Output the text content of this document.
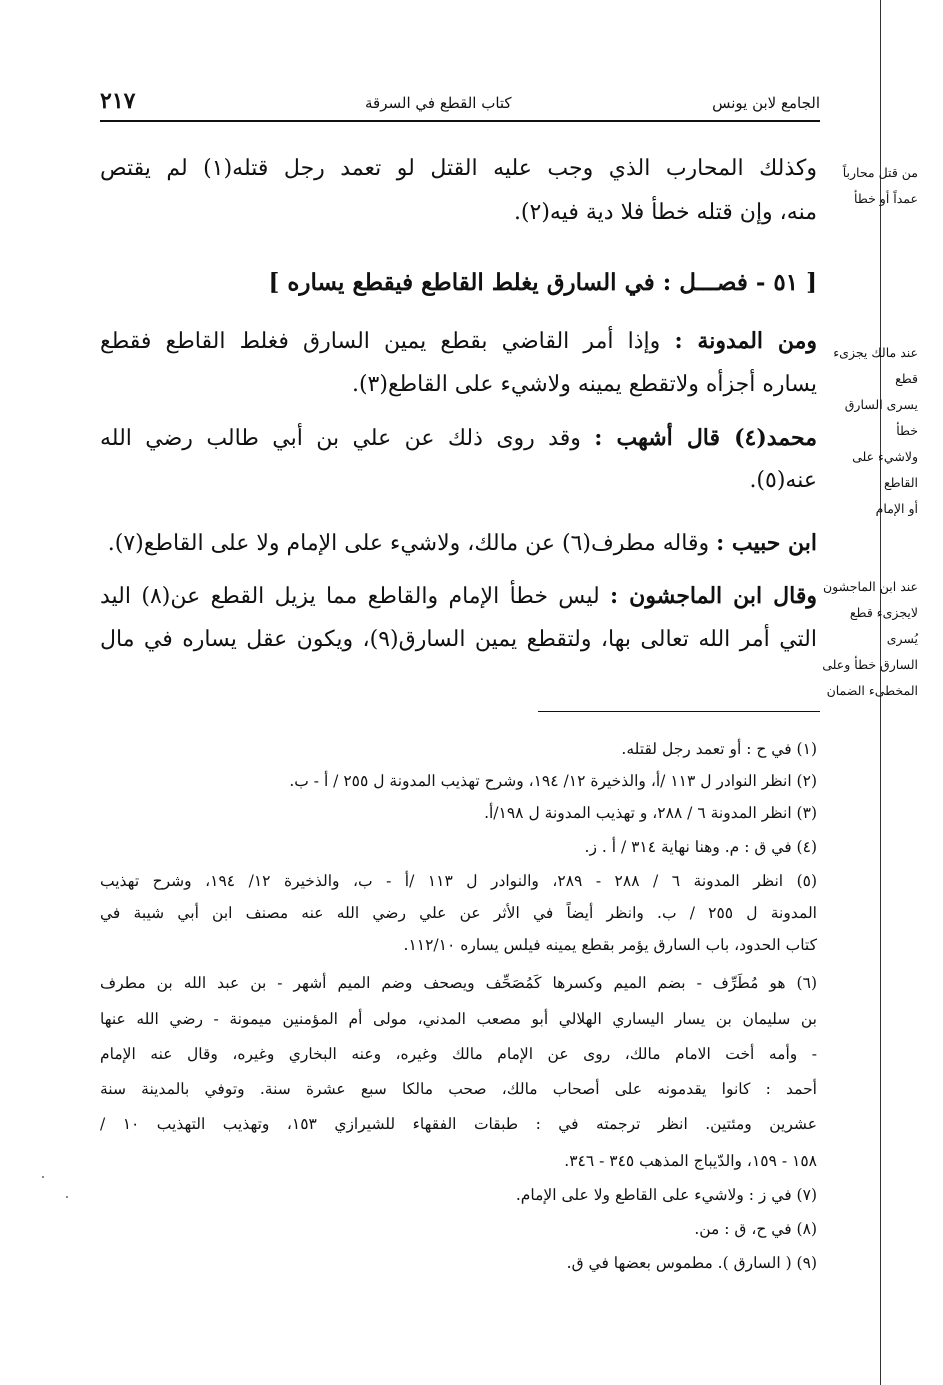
الجامع لابن يونس
كتاب القطع في السرقة
٢١٧
من قتل محارباً
عمداً أو خطأ
عند مالك يجزىء قطع
يسرى السارق خطأ
ولاشيء على القاطع
أو الإمام
عند ابن الماجشون
لايجزىء قطع يُسرى
السارق خطأ وعلى
المخطىء الضمان
وكذلك المحارب الذي وجب عليه القتل لو تعمد رجل قتله(١) لم يقتص
منه، وإن قتله خطأ فلا دية فيه(٢).
[ ٥١ - فصـــل : في السارق يغلط القاطع فيقطع يساره ]
ومن المدونة : وإذا أمر القاضي بقطع يمين السارق فغلط القاطع فقطع
يساره أجزأه ولاتقطع يمينه ولاشيء على القاطع(٣).
محمد(٤) قال أشهب : وقد روى ذلك عن علي بن أبي طالب رضي الله
عنه(٥).
ابن حبيب : وقاله مطرف(٦) عن مالك، ولاشيء على الإمام ولا على القاطع(٧).
وقال ابن الماجشون : ليس خطأ الإمام والقاطع مما يزيل القطع عن(٨) اليد
التي أمر الله تعالى بها، ولتقطع يمين السارق(٩)، ويكون عقل يساره في مال
(١) في ح : أو تعمد رجل لقتله.
(٢) انظر النوادر ل ١١٣ /أ، والذخيرة ١٢/ ١٩٤، وشرح تهذيب المدونة ل ٢٥٥ / أ - ب.
(٣) انظر المدونة ٦ / ٢٨٨، و تهذيب المدونة ل ١٩٨/أ.
(٤) في ق : م. وهنا نهاية ٣١٤ / أ . ز.
(٥) انظر المدونة ٦ / ٢٨٨ - ٢٨٩، والنوادر ل ١١٣ /أ - ب، والذخيرة ١٢/ ١٩٤، وشرح تهذيب
المدونة ل ٢٥٥ / ب. وانظر أيضاً في الأثر عن علي رضي الله عنه مصنف ابن أبي شيبة في
كتاب الحدود، باب السارق يؤمر بقطع يمينه فيلس يساره ١١٢/١٠.
(٦) هو مُطَرِّف - بضم الميم وكسرها كَمُصَحِّف ويصحف وضم الميم أشهر - بن عبد الله بن مطرف
بن سليمان بن يسار اليساري الهلالي أبو مصعب المدني، مولى أم المؤمنين ميمونة - رضي الله عنها
- وأمه أخت الامام مالك، روى عن الإمام مالك وغيره، وعنه البخاري وغيره، وقال عنه الإمام
أحمد : كانوا يقدمونه على أصحاب مالك، صحب مالكا سبع عشرة سنة. وتوفي بالمدينة سنة
عشرين ومئتين. انظر ترجمته في : طبقات الفقهاء للشيرازي ١٥٣، وتهذيب التهذيب ١٠ /
١٥٨ - ١٥٩، والدّيباج المذهب ٣٤٥ - ٣٤٦.
(٧) في ز : ولاشيء على القاطع ولا على الإمام.
(٨) في ح، ق : من.
(٩) ( السارق ). مطموس بعضها في ق.
